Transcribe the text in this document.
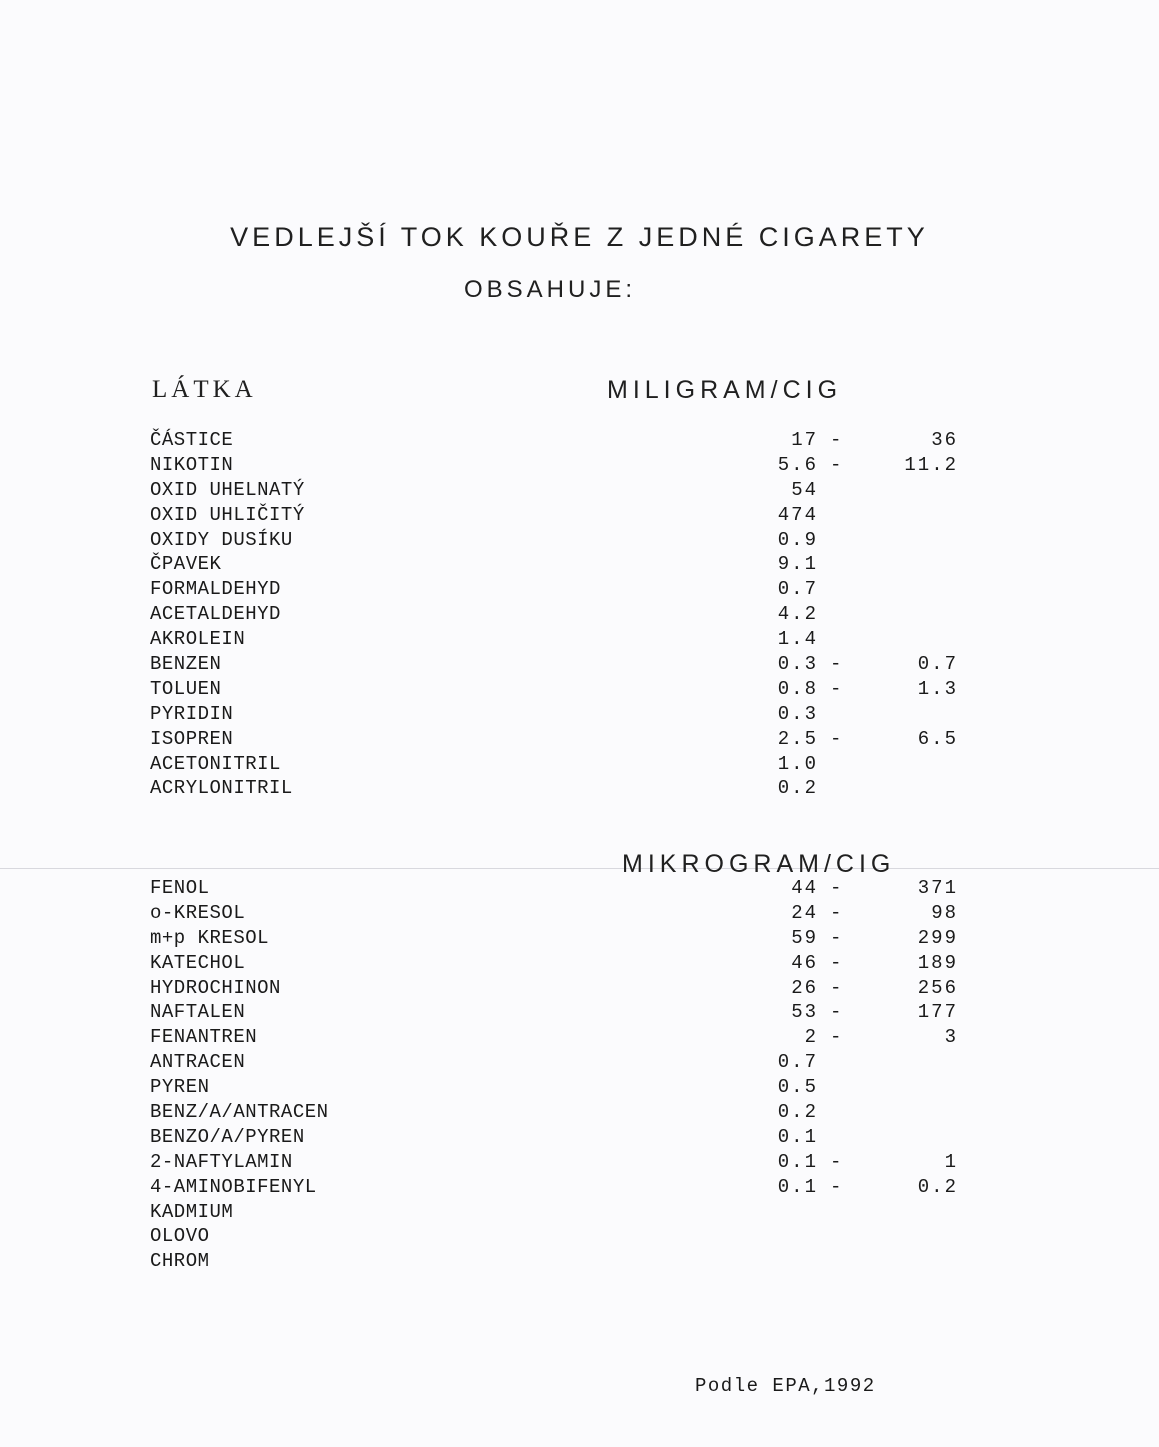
VEDLEJŠÍ TOK KOUŘE Z JEDNÉ CIGARETY
OBSAHUJE:
LÁTKA	MILIGRAM/CIG
ČÁSTICE	17 -	36
NIKOTIN	5.6 -	11.2
OXID UHELNATÝ	54
OXID UHLIČITÝ	474
OXIDY DUSÍKU	0.9
ČPAVEK	9.1
FORMALDEHYD	0.7
ACETALDEHYD	4.2
AKROLEIN	1.4
BENZEN	0.3 -	0.7
TOLUEN	0.8 -	1.3
PYRIDIN	0.3
ISOPREN	2.5 -	6.5
ACETONITRIL	1.0
ACRYLONITRIL	0.2
MIKROGRAM/CIG
FENOL	44 -	371
o-KRESOL	24 -	98
m+p KRESOL	59 -	299
KATECHOL	46 -	189
HYDROCHINON	26 -	256
NAFTALEN	53 -	177
FENANTREN	2 -	3
ANTRACEN	0.7
PYREN	0.5
BENZ/A/ANTRACEN	0.2
BENZO/A/PYREN	0.1
2-NAFTYLAMIN	0.1 -	1
4-AMINOBIFENYL	0.1 -	0.2
KADMIUM
OLOVO
CHROM
Podle EPA,1992
